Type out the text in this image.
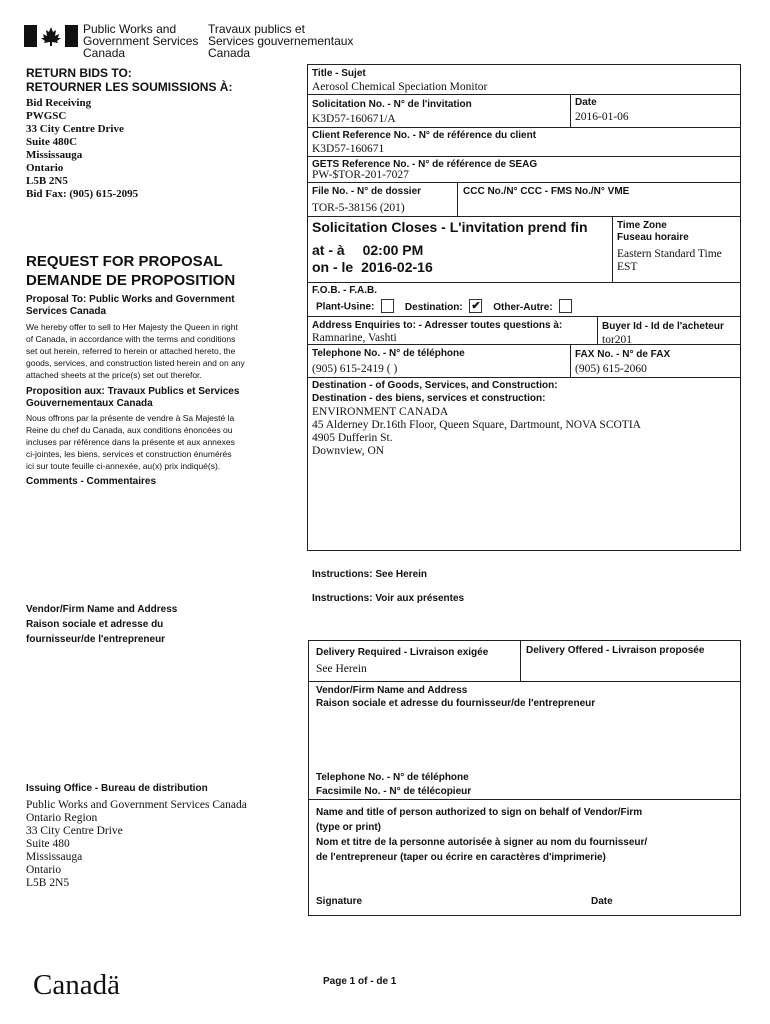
Public Works and
Government Services
Canada
Travaux publics et
Services gouvernementaux
Canada
RETURN BIDS TO:
RETOURNER LES SOUMISSIONS À:
Bid Receiving
PWGSC
33 City Centre Drive
Suite 480C
Mississauga
Ontario
L5B 2N5
Bid Fax: (905) 615-2095
REQUEST FOR PROPOSAL
DEMANDE DE PROPOSITION
Proposal To: Public Works and Government
Services Canada
We hereby offer to sell to Her Majesty the Queen in right
of Canada, in accordance with the terms and conditions
set out herein, referred to herein or attached hereto, the
goods, services, and construction listed herein and on any
attached sheets at the price(s) set out therefor.
Proposition aux: Travaux Publics et Services
Gouvernementaux Canada
Nous offrons par la présente de vendre à Sa Majesté la
Reine du chef du Canada, aux conditions énoncées ou
incluses par référence dans la présente et aux annexes
ci-jointes, les biens, services et construction énumérés
ici sur toute feuille ci-annexée, au(x) prix indiqué(s).
Comments - Commentaires
Vendor/Firm Name and Address
Raison sociale et adresse du
fournisseur/de l'entrepreneur
Issuing Office - Bureau de distribution
Public Works and Government Services Canada
Ontario Region
33 City Centre Drive
Suite 480
Mississauga
Ontario
L5B 2N5
Title - Sujet
Aerosol Chemical Speciation Monitor
Solicitation No. - N° de l'invitation
K3D57-160671/A
Date
2016-01-06
Client Reference No. - N° de référence du client
K3D57-160671
GETS Reference No. - N° de référence de SEAG
PW-$TOR-201-7027
File No. - N° de dossier
TOR-5-38156 (201)
CCC No./N° CCC - FMS No./N° VME
Solicitation Closes - L'invitation prend fin
at - à 02:00 PM
on - le 2016-02-16
Time Zone
Fuseau horaire
Eastern Standard Time
EST
F.O.B. - F.A.B.
Plant-Usine:	Destination: ✔ Other-Autre:
Address Enquiries to: - Adresser toutes questions à:
Ramnarine, Vashti
Buyer Id - Id de l'acheteur
tor201
Telephone No. - N° de téléphone
(905) 615-2419 ( )
FAX No. - N° de FAX
(905) 615-2060
Destination - of Goods, Services, and Construction:
Destination - des biens, services et construction:
ENVIRONMENT CANADA
45 Alderney Dr.16th Floor, Queen Square, Dartmount, NOVA SCOTIA
4905 Dufferin St.
Downview, ON
Instructions: See Herein
Instructions: Voir aux présentes
Delivery Required - Livraison exigée
See Herein
Delivery Offered - Livraison proposée
Vendor/Firm Name and Address
Raison sociale et adresse du fournisseur/de l'entrepreneur
Telephone No. - N° de téléphone
Facsimile No. - N° de télécopieur
Name and title of person authorized to sign on behalf of Vendor/Firm
(type or print)
Nom et titre de la personne autorisée à signer au nom du fournisseur/
de l'entrepreneur (taper ou écrire en caractères d'imprimerie)
Signature	Date
Canadä	Page 1 of - de 1
